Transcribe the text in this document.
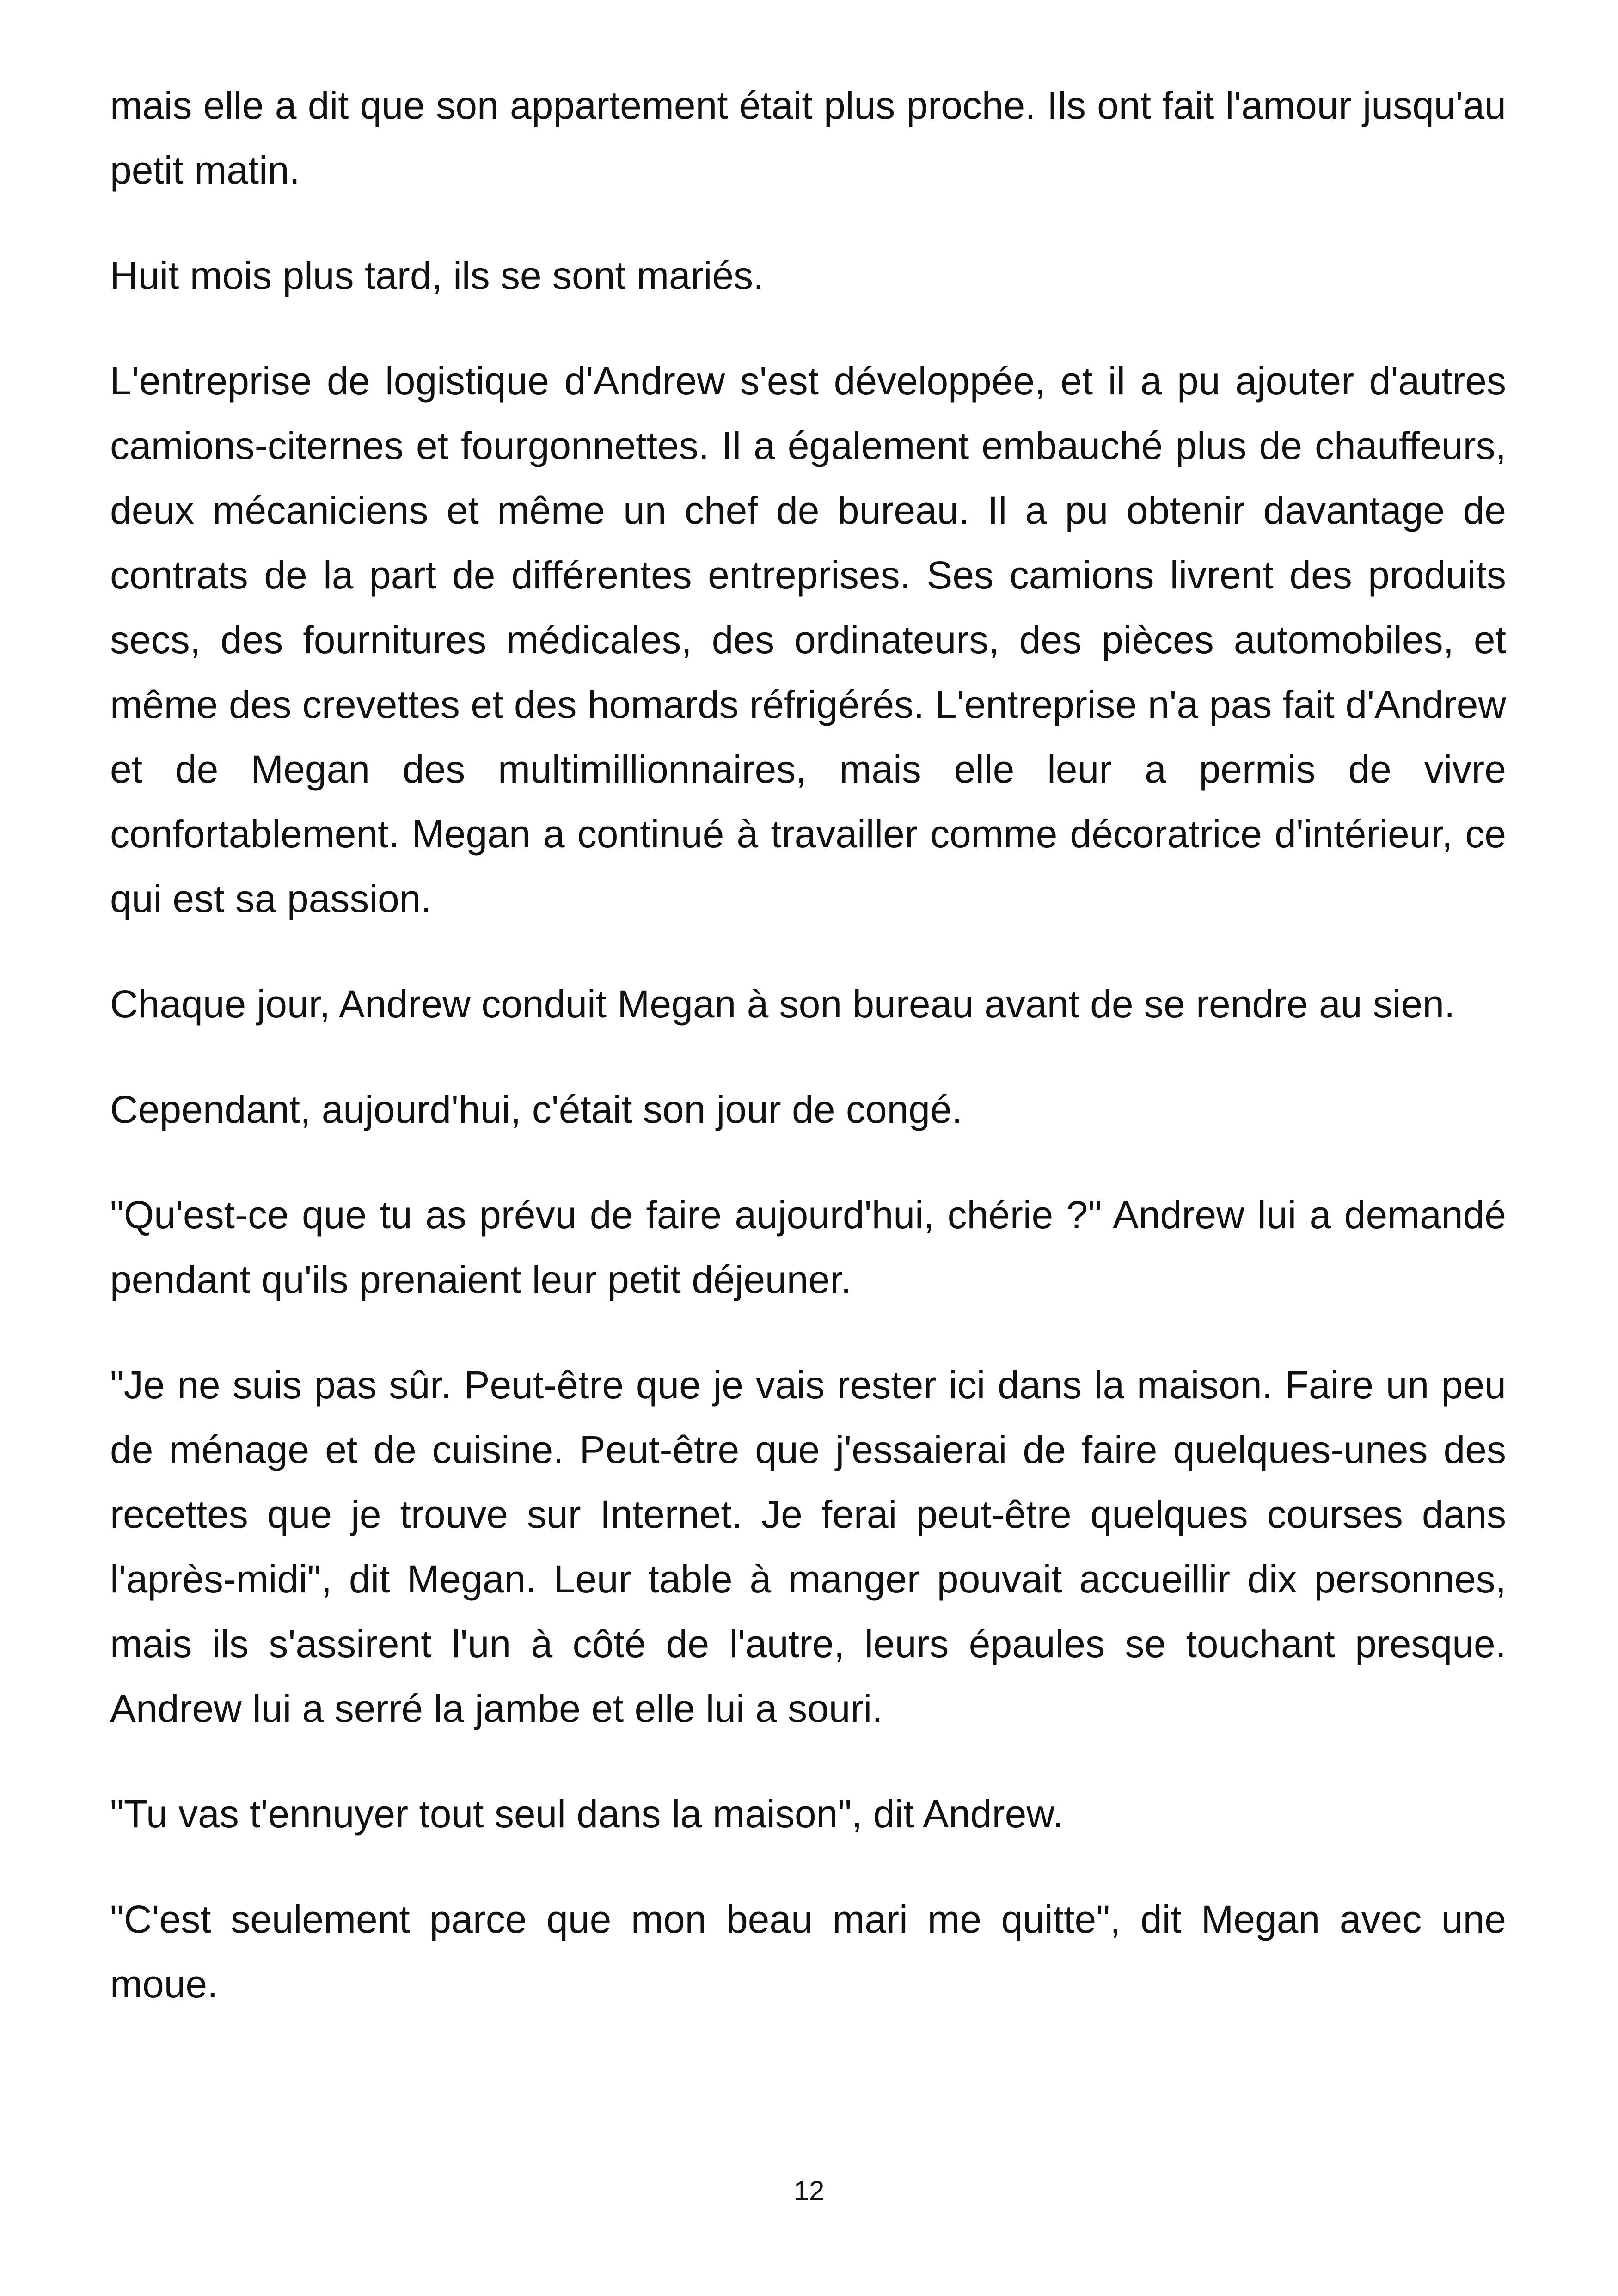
mais elle a dit que son appartement était plus proche. Ils ont fait l'amour jusqu'au petit matin.

Huit mois plus tard, ils se sont mariés.

L'entreprise de logistique d'Andrew s'est développée, et il a pu ajouter d'autres camions-citernes et fourgonnettes. Il a également embauché plus de chauffeurs, deux mécaniciens et même un chef de bureau. Il a pu obtenir davantage de contrats de la part de différentes entreprises. Ses camions livrent des produits secs, des fournitures médicales, des ordinateurs, des pièces automobiles, et même des crevettes et des homards réfrigérés. L'entreprise n'a pas fait d'Andrew et de Megan des multimillionnaires, mais elle leur a permis de vivre confortablement. Megan a continué à travailler comme décoratrice d'intérieur, ce qui est sa passion.

Chaque jour, Andrew conduit Megan à son bureau avant de se rendre au sien.

Cependant, aujourd'hui, c'était son jour de congé.

"Qu'est-ce que tu as prévu de faire aujourd'hui, chérie ?" Andrew lui a demandé pendant qu'ils prenaient leur petit déjeuner.

"Je ne suis pas sûr. Peut-être que je vais rester ici dans la maison. Faire un peu de ménage et de cuisine. Peut-être que j'essaierai de faire quelques-unes des recettes que je trouve sur Internet. Je ferai peut-être quelques courses dans l'après-midi", dit Megan. Leur table à manger pouvait accueillir dix personnes, mais ils s'assirent l'un à côté de l'autre, leurs épaules se touchant presque. Andrew lui a serré la jambe et elle lui a souri.

"Tu vas t'ennuyer tout seul dans la maison", dit Andrew.

"C'est seulement parce que mon beau mari me quitte", dit Megan avec une moue.

12
